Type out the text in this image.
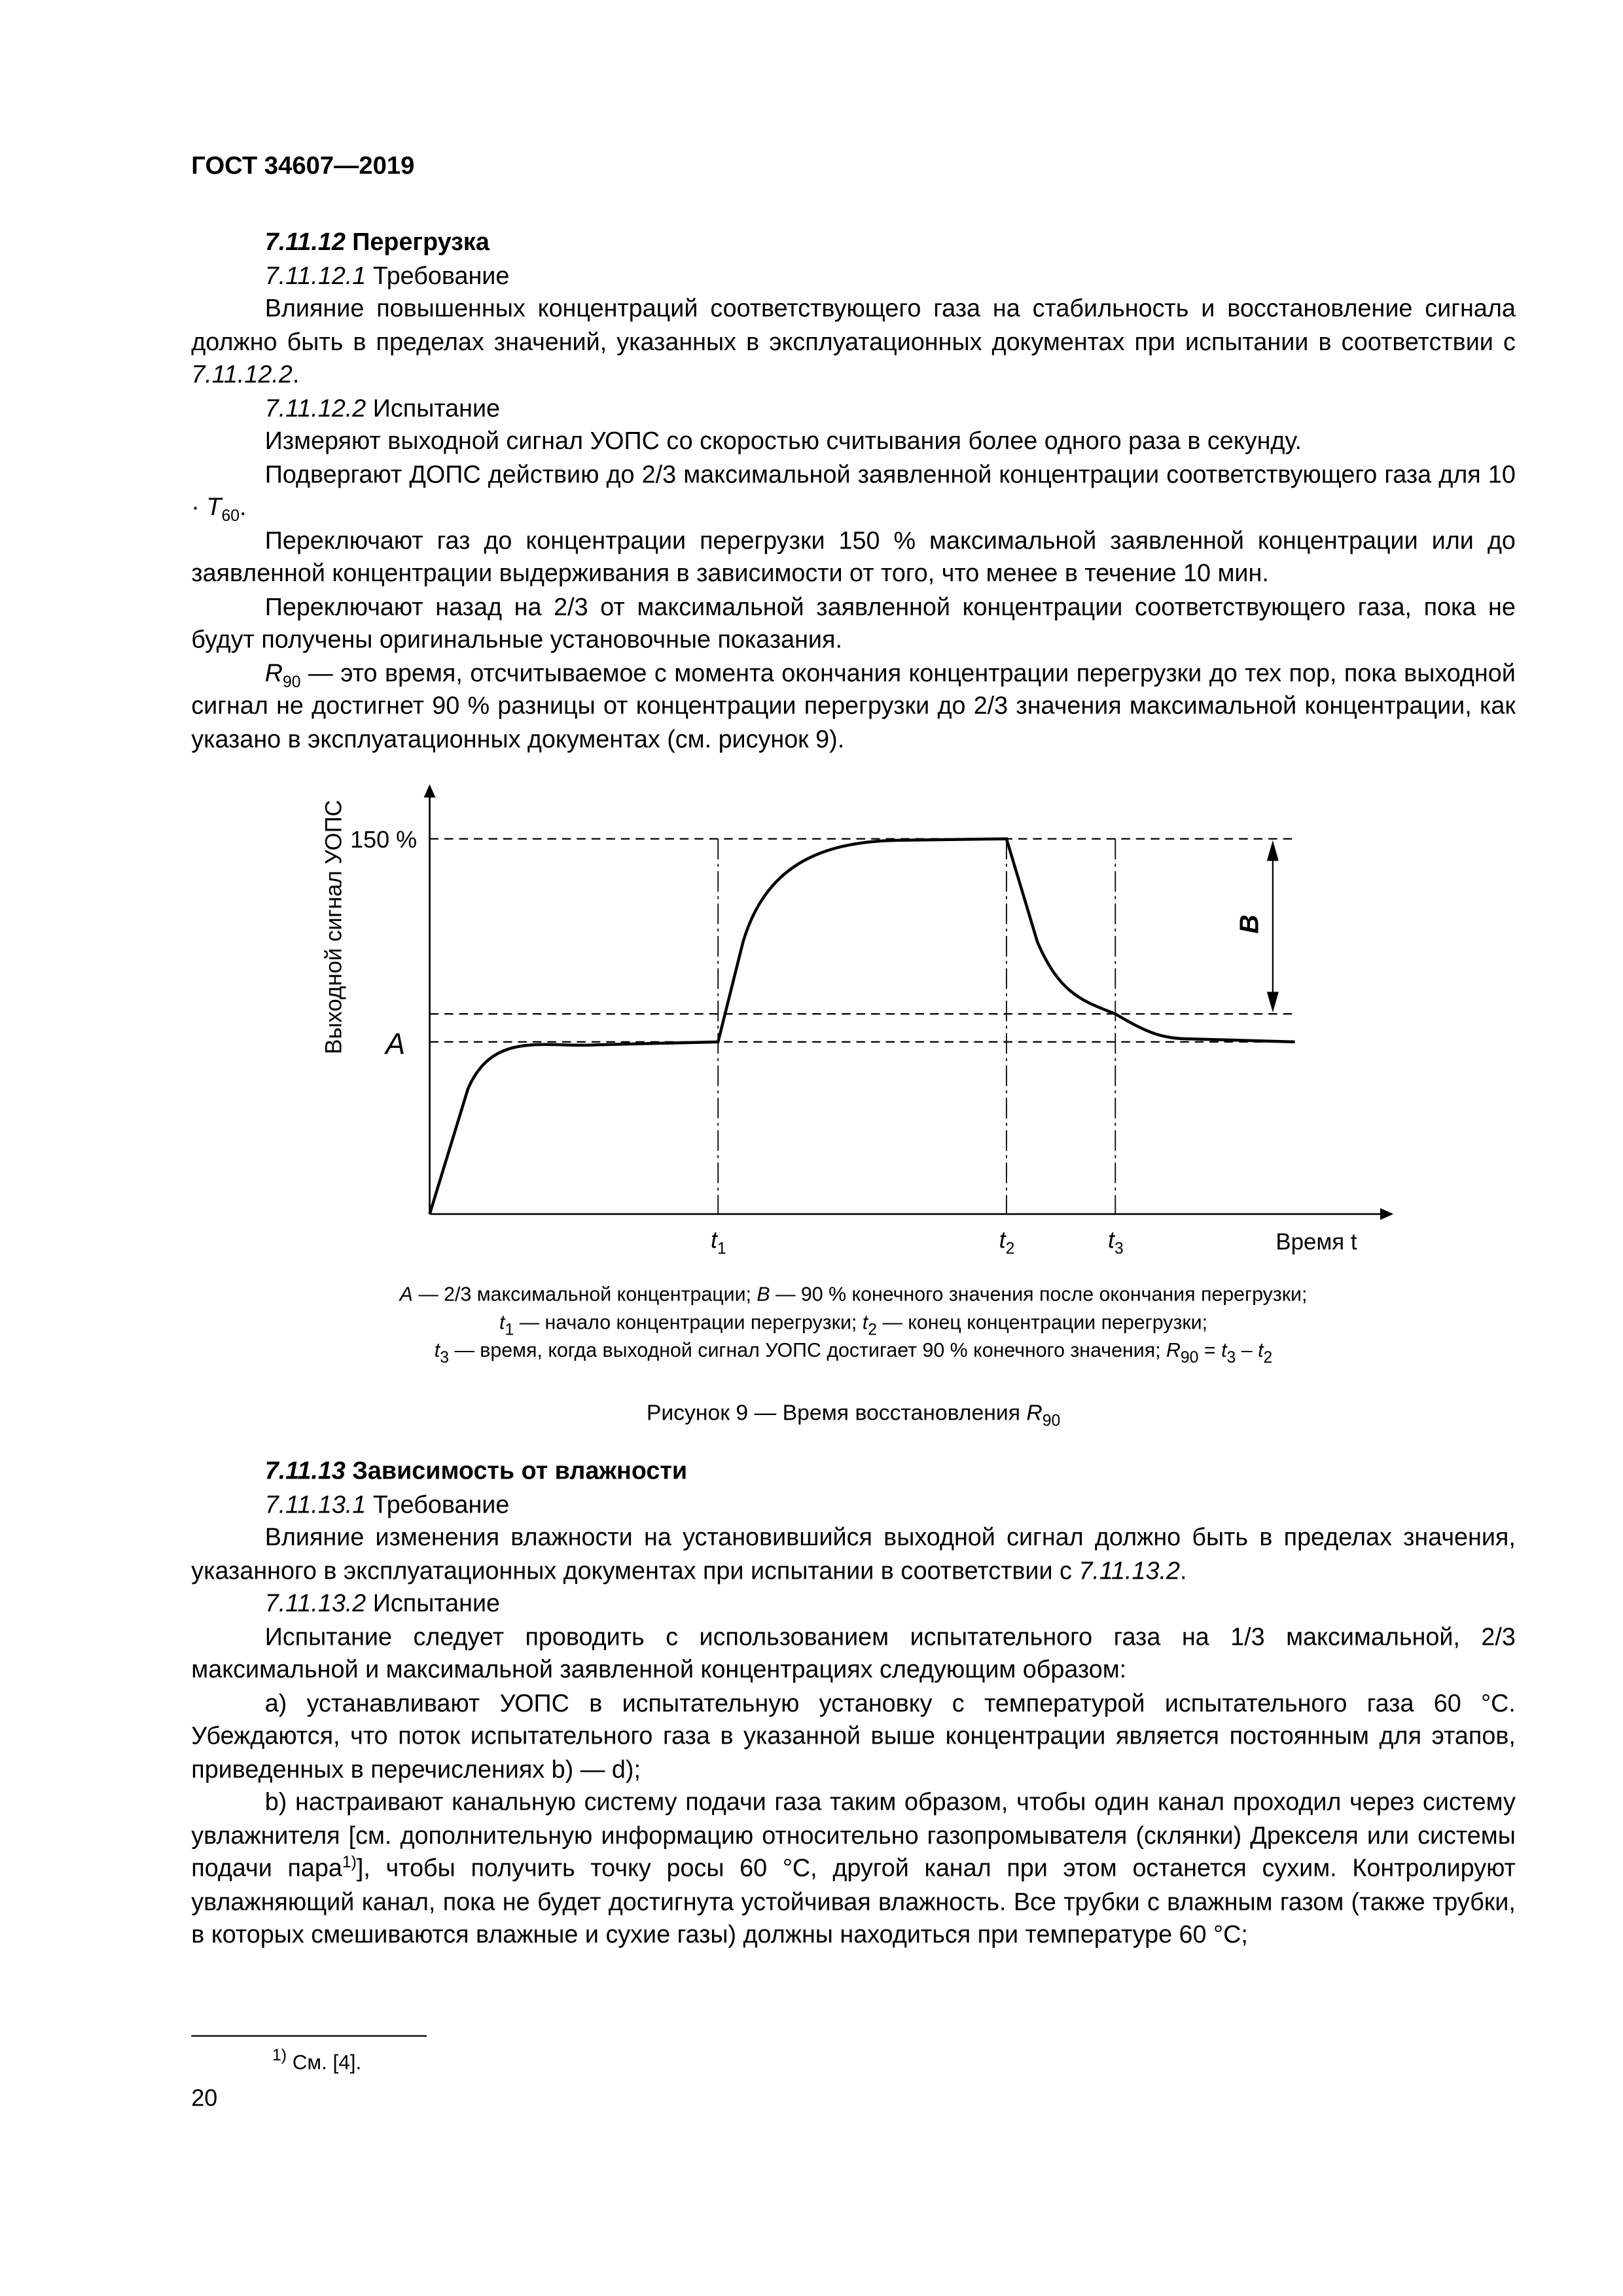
ГОСТ 34607—2019

7.11.12 Перегрузка

7.11.12.1 Требование

Влияние повышенных концентраций соответствующего газа на стабильность и восстановление сигнала должно быть в пределах значений, указанных в эксплуатационных документах при испытании в соответствии с 7.11.12.2.

7.11.12.2 Испытание

Измеряют выходной сигнал УОПС со скоростью считывания более одного раза в секунду.

Подвергают ДОПС действию до 2/3 максимальной заявленной концентрации соответствующего газа для $10 \cdot T_{60}$.

Переключают газ до концентрации перегрузки 150 % максимальной заявленной концентрации или до заявленной концентрации выдерживания в зависимости от того, что менее в течение 10 мин.

Переключают назад на 2/3 от максимальной заявленной концентрации соответствующего газа, пока не будут получены оригинальные установочные показания.

$R_{90}$ — это время, отсчитываемое с момента окончания концентрации перегрузки до тех пор, пока выходной сигнал не достигнет 90 % разницы от концентрации перегрузки до 2/3 значения максимальной концентрации, как указано в эксплуатационных документах (см. рисунок 9).

150 %
A
B
Выходной сигнал УОПС
Время t
$t_1$	$t_2$	$t_3$
A — 2/3 максимальной концентрации; B — 90 % конечного значения после окончания перегрузки;
$t_1$ — начало концентрации перегрузки; $t_2$ — конец концентрации перегрузки;
$t_3$ — время, когда выходной сигнал УОПС достигает 90 % конечного значения; $R_{90} = t_3 - t_2$
Рисунок 9 — Время восстановления $R_{90}$

7.11.13 Зависимость от влажности

7.11.13.1 Требование

Влияние изменения влажности на установившийся выходной сигнал должно быть в пределах значения, указанного в эксплуатационных документах при испытании в соответствии с 7.11.13.2.

7.11.13.2 Испытание

Испытание следует проводить с использованием испытательного газа на 1/3 максимальной, 2/3 максимальной и максимальной заявленной концентрациях следующим образом:

а) устанавливают УОПС в испытательную установку с температурой испытательного газа 60 °С. Убеждаются, что поток испытательного газа в указанной выше концентрации является постоянным для этапов, приведенных в перечислениях b) — d);

b) настраивают канальную систему подачи газа таким образом, чтобы один канал проходил через систему увлажнителя [см. дополнительную информацию относительно газопромывателя (склянки) Дрекселя или системы подачи пара$^{1)}$], чтобы получить точку росы 60 °С, другой канал при этом останется сухим. Контролируют увлажняющий канал, пока не будет достигнута устойчивая влажность. Все трубки с влажным газом (также трубки, в которых смешиваются влажные и сухие газы) должны находиться при температуре 60 °С;

$^{1)}$ См. [4].
20
